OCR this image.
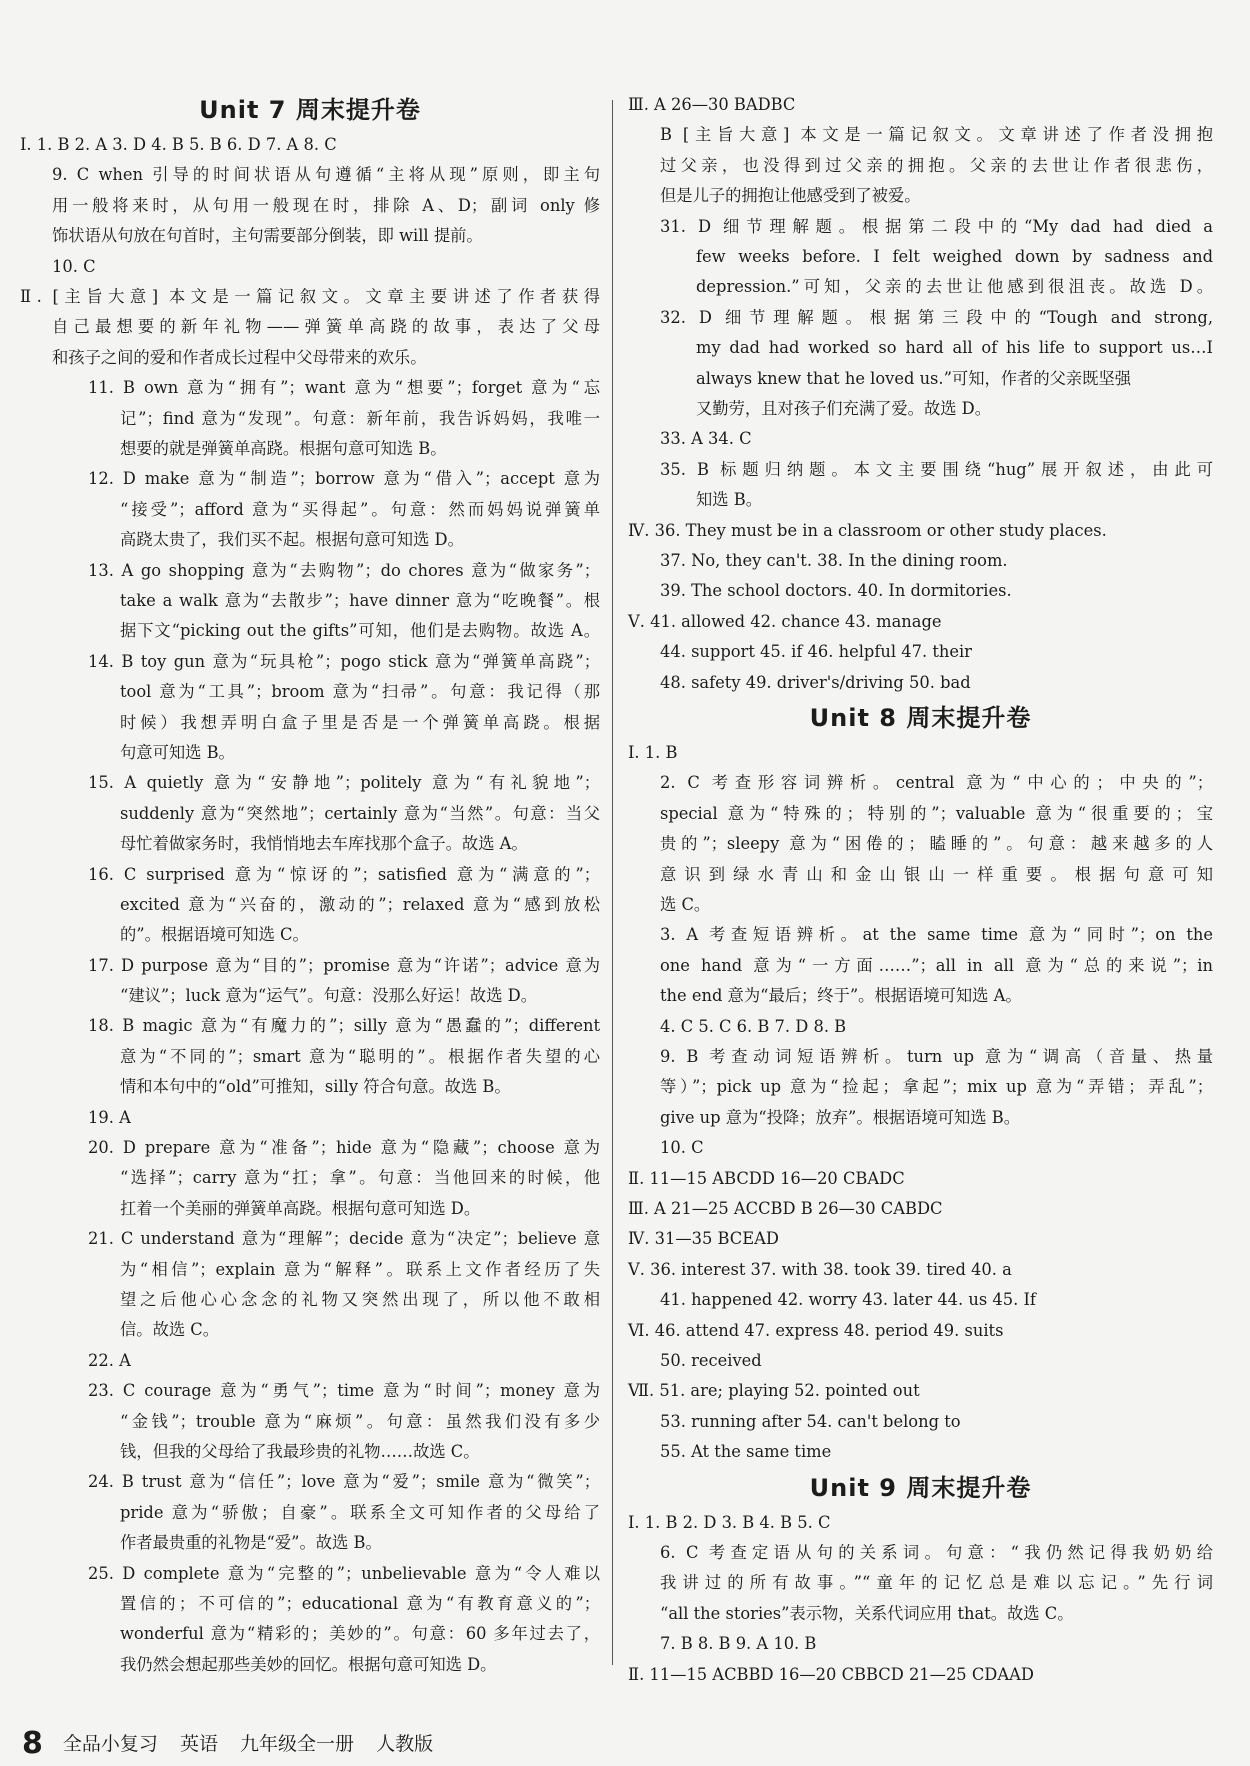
Unit 7 周末提升卷
Ⅰ. 1. B 2. A 3. D 4. B 5. B 6. D 7. A 8. C
9. C when 引导的时间状语从句遵循“主将从现”原则，即主句
用一般将来时，从句用一般现在时，排除 A、D；副词 only 修
饰状语从句放在句首时，主句需要部分倒装，即 will 提前。
10. C
Ⅱ. [主旨大意] 本文是一篇记叙文。文章主要讲述了作者获得
自己最想要的新年礼物——弹簧单高跷的故事，表达了父母
和孩子之间的爱和作者成长过程中父母带来的欢乐。
11. B own 意为“拥有”；want 意为“想要”；forget 意为“忘
记”；find 意为“发现”。句意：新年前，我告诉妈妈，我唯一
想要的就是弹簧单高跷。根据句意可知选 B。
12. D make 意为“制造”；borrow 意为“借入”；accept 意为
“接受”；afford 意为“买得起”。句意：然而妈妈说弹簧单
高跷太贵了，我们买不起。根据句意可知选 D。
13. A go shopping 意为“去购物”；do chores 意为“做家务”；
take a walk 意为“去散步”；have dinner 意为“吃晚餐”。根
据下文“picking out the gifts”可知，他们是去购物。故选 A。
14. B toy gun 意为“玩具枪”；pogo stick 意为“弹簧单高跷”；
tool 意为“工具”；broom 意为“扫帚”。句意：我记得（那
时候）我想弄明白盒子里是否是一个弹簧单高跷。根据
句意可知选 B。
15. A quietly 意为“安静地”；politely 意为“有礼貌地”；
suddenly 意为“突然地”；certainly 意为“当然”。句意：当父
母忙着做家务时，我悄悄地去车库找那个盒子。故选 A。
16. C surprised 意为“惊讶的”；satisfied 意为“满意的”；
excited 意为“兴奋的，激动的”；relaxed 意为“感到放松
的”。根据语境可知选 C。
17. D purpose 意为“目的”；promise 意为“许诺”；advice 意为
“建议”；luck 意为“运气”。句意：没那么好运！故选 D。
18. B magic 意为“有魔力的”；silly 意为“愚蠢的”；different
意为“不同的”；smart 意为“聪明的”。根据作者失望的心
情和本句中的“old”可推知，silly 符合句意。故选 B。
19. A
20. D prepare 意为“准备”；hide 意为“隐藏”；choose 意为
“选择”；carry 意为“扛；拿”。句意：当他回来的时候，他
扛着一个美丽的弹簧单高跷。根据句意可知选 D。
21. C understand 意为“理解”；decide 意为“决定”；believe 意
为“相信”；explain 意为“解释”。联系上文作者经历了失
望之后他心心念念的礼物又突然出现了，所以他不敢相
信。故选 C。
22. A
23. C courage 意为“勇气”；time 意为“时间”；money 意为
“金钱”；trouble 意为“麻烦”。句意：虽然我们没有多少
钱，但我的父母给了我最珍贵的礼物……故选 C。
24. B trust 意为“信任”；love 意为“爱”；smile 意为“微笑”；
pride 意为“骄傲；自豪”。联系全文可知作者的父母给了
作者最贵重的礼物是“爱”。故选 B。
25. D complete 意为“完整的”；unbelievable 意为“令人难以
置信的；不可信的”；educational 意为“有教育意义的”；
wonderful 意为“精彩的；美妙的”。句意：60 多年过去了，
我仍然会想起那些美妙的回忆。根据句意可知选 D。
Ⅲ. A 26—30 BADBC
B [主旨大意] 本文是一篇记叙文。文章讲述了作者没拥抱
过父亲，也没得到过父亲的拥抱。父亲的去世让作者很悲伤，
但是儿子的拥抱让他感受到了被爱。
31. D 细节理解题。根据第二段中的“My dad had died a
few weeks before. I felt weighed down by sadness and
depression.”可知，父亲的去世让他感到很沮丧。故选 D。
32. D 细节理解题。根据第三段中的“Tough and strong,
my dad had worked so hard all of his life to support us…I
always knew that he loved us.”可知，作者的父亲既坚强
又勤劳，且对孩子们充满了爱。故选 D。
33. A 34. C
35. B 标题归纳题。本文主要围绕“hug”展开叙述，由此可
知选 B。
Ⅳ. 36. They must be in a classroom or other study places.
37. No, they can't. 38. In the dining room.
39. The school doctors. 40. In dormitories.
Ⅴ. 41. allowed 42. chance 43. manage
44. support 45. if 46. helpful 47. their
48. safety 49. driver's/driving 50. bad
Unit 8 周末提升卷
Ⅰ. 1. B
2. C 考查形容词辨析。central 意为“中心的；中央的”；
special 意为“特殊的；特别的”；valuable 意为“很重要的；宝
贵的”；sleepy 意为“困倦的；瞌睡的”。句意：越来越多的人
意识到绿水青山和金山银山一样重要。根据句意可知
选 C。
3. A 考查短语辨析。at the same time 意为“同时”；on the
one hand 意为“一方面……”；all in all 意为“总的来说”；in
the end 意为“最后；终于”。根据语境可知选 A。
4. C 5. C 6. B 7. D 8. B
9. B 考查动词短语辨析。turn up 意为“调高（音量、热量
等）”；pick up 意为“捡起；拿起”；mix up 意为“弄错；弄乱”；
give up 意为“投降；放弃”。根据语境可知选 B。
10. C
Ⅱ. 11—15 ABCDD 16—20 CBADC
Ⅲ. A 21—25 ACCBD B 26—30 CABDC
Ⅳ. 31—35 BCEAD
Ⅴ. 36. interest 37. with 38. took 39. tired 40. a
41. happened 42. worry 43. later 44. us 45. If
Ⅵ. 46. attend 47. express 48. period 49. suits
50. received
Ⅶ. 51. are; playing 52. pointed out
53. running after 54. can't belong to
55. At the same time
Unit 9 周末提升卷
Ⅰ. 1. B 2. D 3. B 4. B 5. C
6. C 考查定语从句的关系词。句意：“我仍然记得我奶奶给
我讲过的所有故事。”“童年的记忆总是难以忘记。”先行词
“all the stories”表示物，关系代词应用 that。故选 C。
7. B 8. B 9. A 10. B
Ⅱ. 11—15 ACBBD 16—20 CBBCD 21—25 CDAAD
8 全品小复习 英语 九年级全一册 人教版
